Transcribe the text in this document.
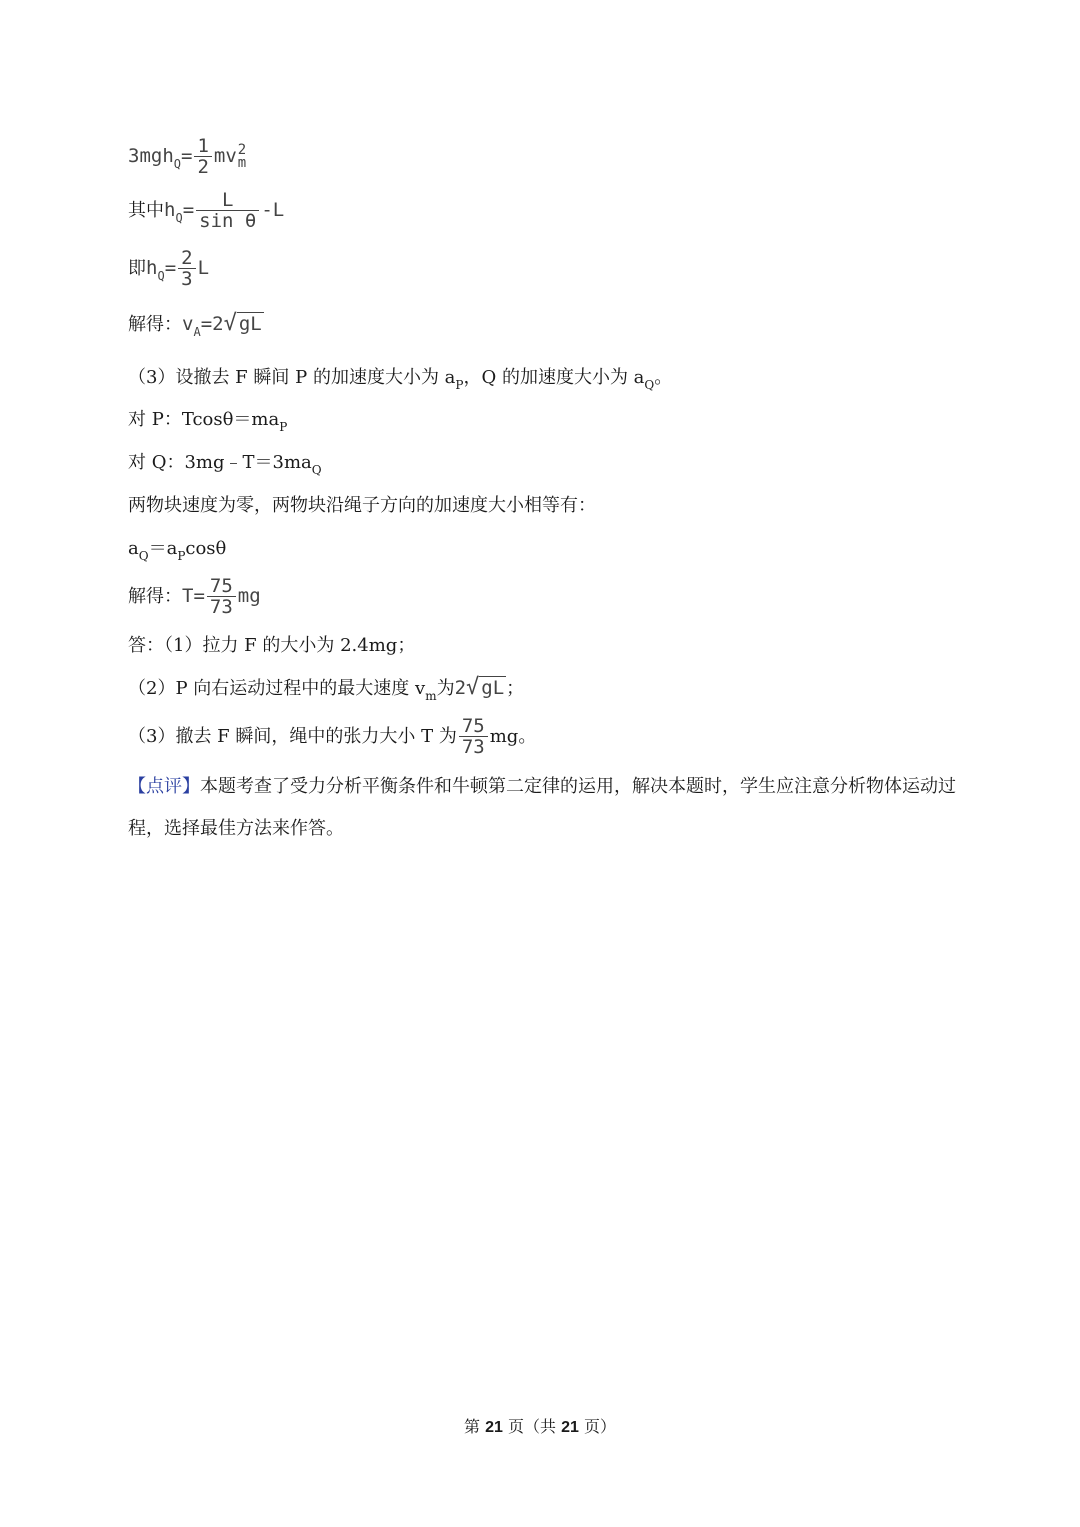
$3mgh_Q= \frac{1}{2}$ mv 2
m
其中$h_Q= \frac{L}{\text{sin θ}} -L$
即$h_Q= \frac{2}{3}$ L
解得：$v_A=2√$ gL
（3）设撤去 F 瞬间 P 的加速度大小为 $a_P$，Q 的加速度大小为 $a_Q$。
对 P：$Tcos\theta=ma_P$
对 Q：$3mg﹣T=3ma_Q$
两物块速度为零，两物块沿绳子方向的加速度大小相等有：
$a_Q=a_P\cos\theta$
解得：$T= \frac{75}{73}$ mg
答：（1）拉力 F 的大小为 2.4mg；
（2）P 向右运动过程中的最大速度 $v_m$为2√ gL ；
（3）撤去 F 瞬间，绳中的张力大小 T 为 $\frac{75}{73}$ mg。
【点评】本题考查了受力分析平衡条件和牛顿第二定律的运用，解决本题时，学生应注意分析物体运动过程，选择最佳方法来作答。
第 21 页（共 21 页）
